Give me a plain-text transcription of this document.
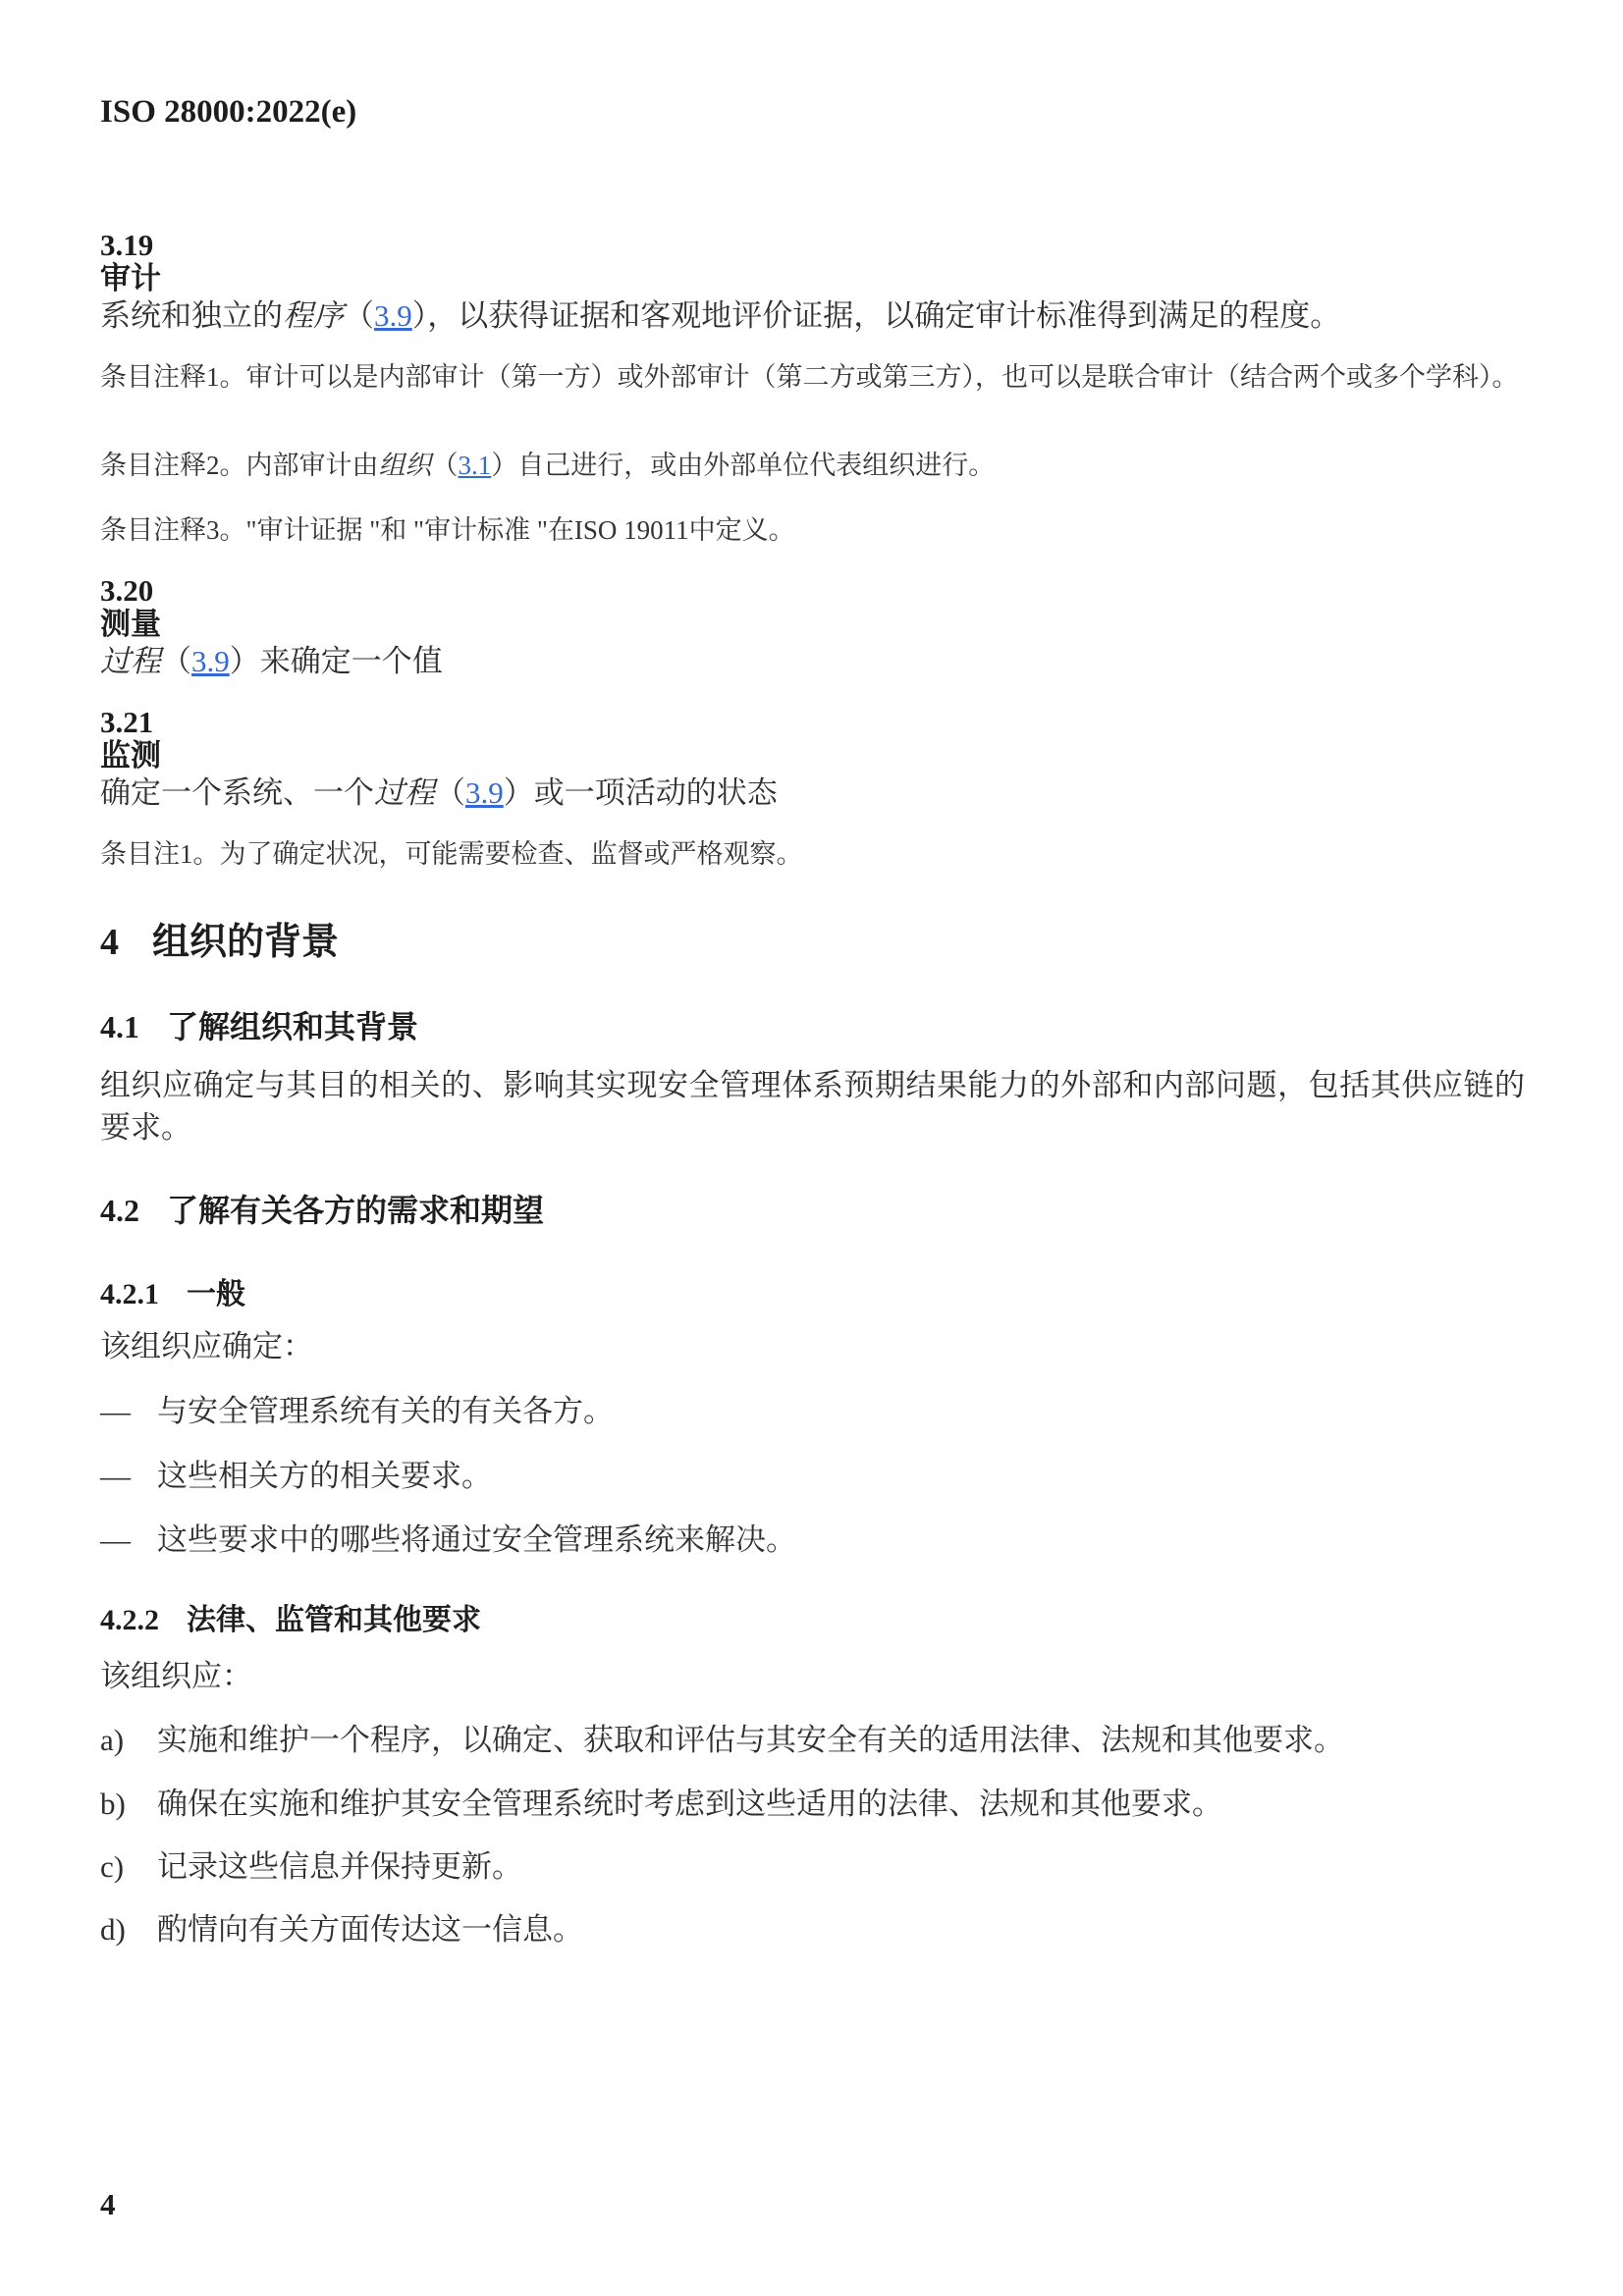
ISO 28000:2022(e)
3.19
审计

系统和独立的程序（3.9），以获得证据和客观地评价证据，以确定审计标准得到满足的程度。

条目注释1。审计可以是内部审计（第一方）或外部审计（第二方或第三方），也可以是联合审计（结合两个或多个学科）。

条目注释2。内部审计由组织（3.1）自己进行，或由外部单位代表组织进行。

条目注释3。"审计证据 "和 "审计标准 "在ISO 19011中定义。

3.20
测量

过程（3.9）来确定一个值

3.21
监测

确定一个系统、一个过程（3.9）或一项活动的状态

条目注1。为了确定状况，可能需要检查、监督或严格观察。

4 组织的背景
4.1 了解组织和其背景

组织应确定与其目的相关的、影响其实现安全管理体系预期结果能力的外部和内部问题，包括其供应链的要求。

4.2 了解有关各方的需求和期望
4.2.1 一般

该组织应确定：

— 与安全管理系统有关的有关各方。
— 这些相关方的相关要求。
— 这些要求中的哪些将通过安全管理系统来解决。
4.2.2 法律、监管和其他要求

该组织应：

a)	实施和维护一个程序，以确定、获取和评估与其安全有关的适用法律、法规和其他要求。
b)	确保在实施和维护其安全管理系统时考虑到这些适用的法律、法规和其他要求。
c)	记录这些信息并保持更新。
d)	酌情向有关方面传达这一信息。
4
